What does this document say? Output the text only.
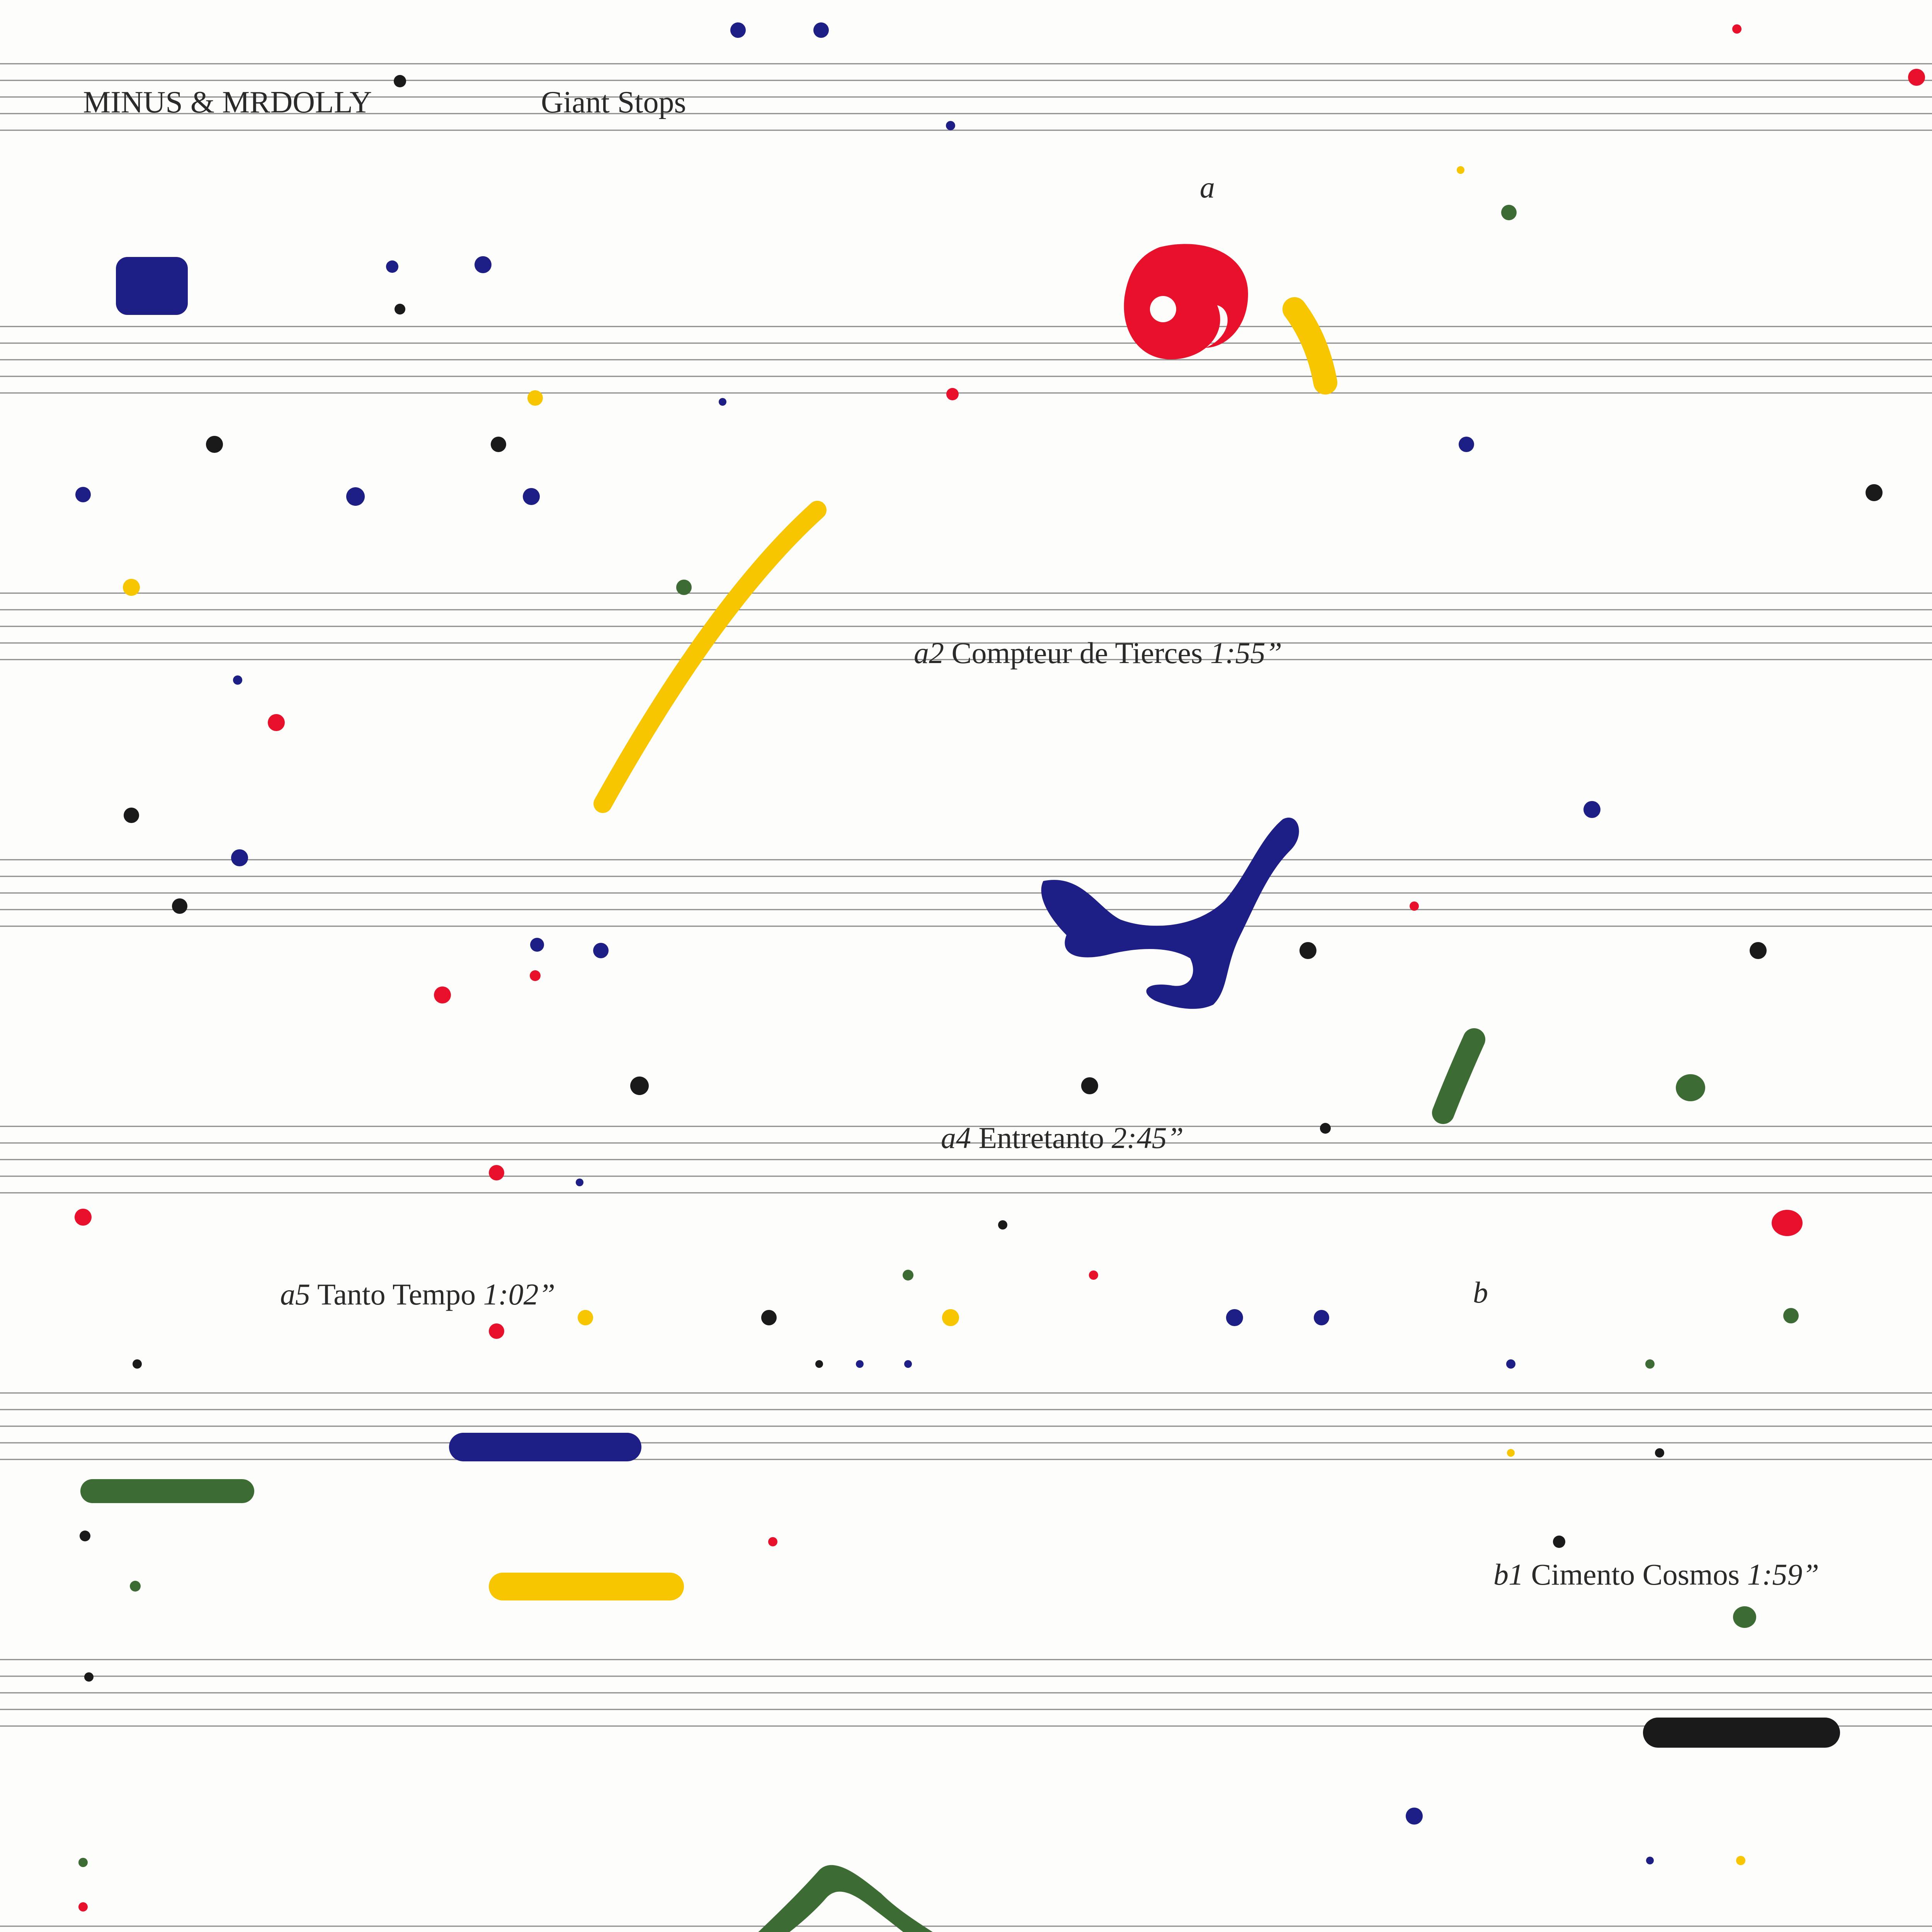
MINUS & MRDOLLY	Giant Stops
a
b
a2 Compteur de Tierces 1:55”
a4 Entretanto 2:45”
a5 Tanto Tempo 1:02”
b1 Cimento Cosmos 1:59”
